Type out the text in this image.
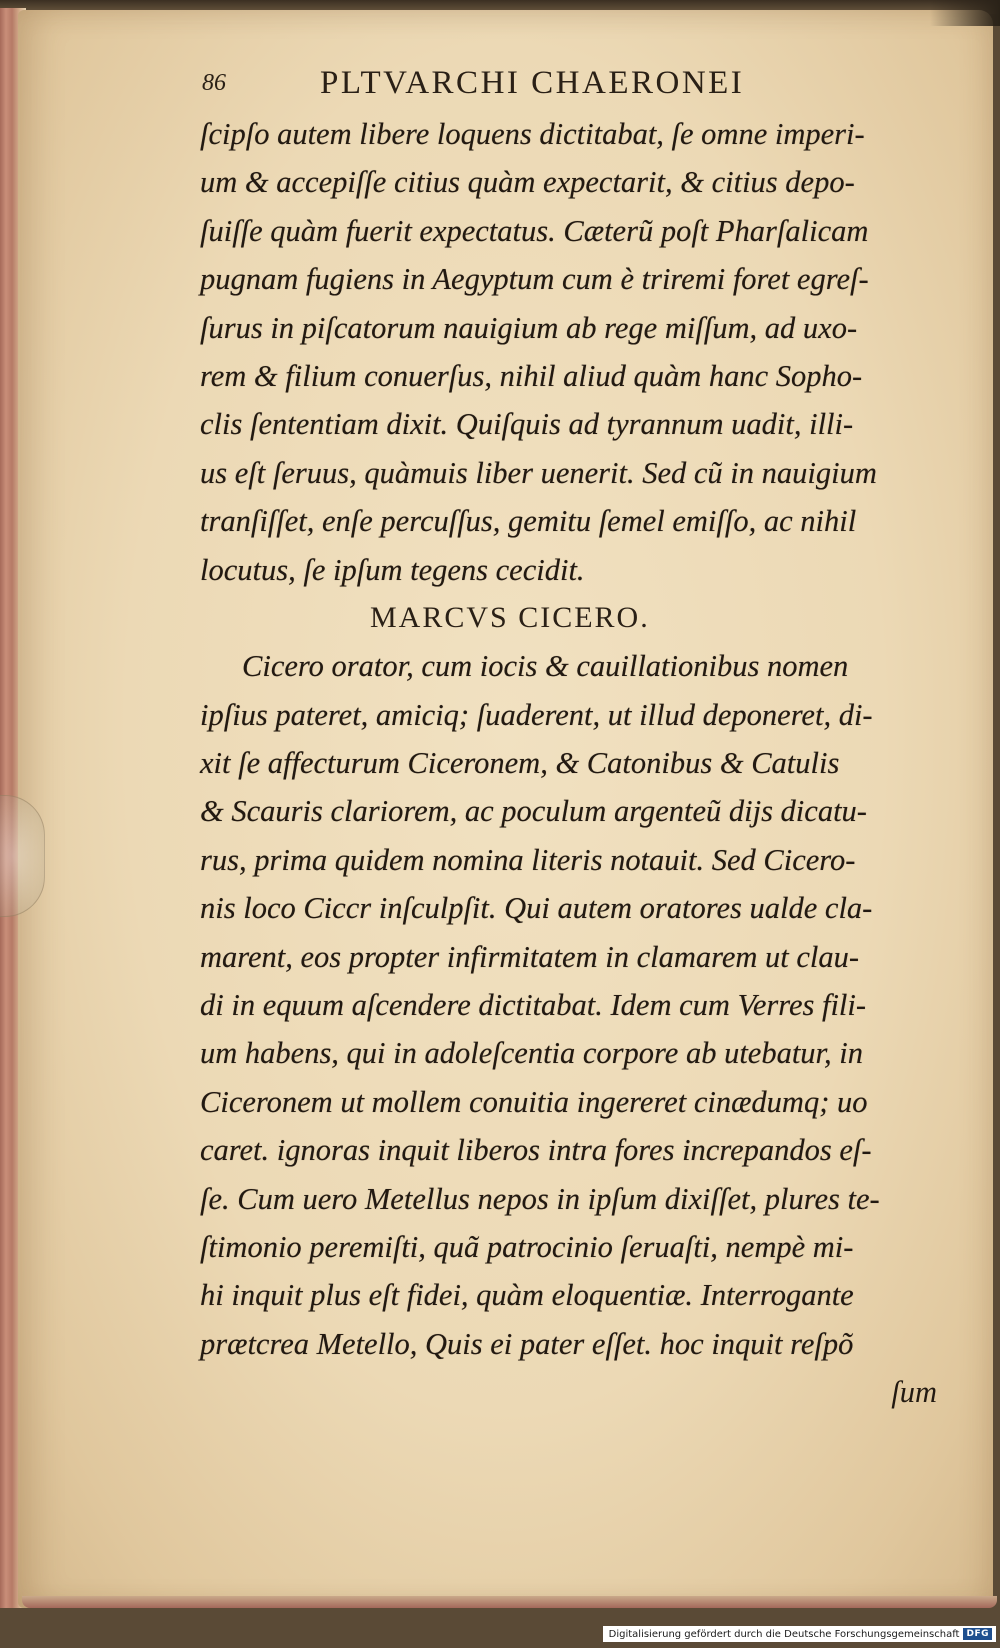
86	PLTVARCHI CHAERONEI
ſcipſo autem libere loquens dictitabat, ſe omne imperi-
um & accepiſſe citius quàm expectarit, & citius depo-
ſuiſſe quàm fuerit expectatus. Cæterũ poſt Pharſalicam
pugnam fugiens in Aegyptum cum è triremi foret egreſ-
ſurus in piſcatorum nauigium ab rege miſſum, ad uxo-
rem & filium conuerſus, nihil aliud quàm hanc Sopho-
clis ſententiam dixit. Quiſquis ad tyrannum uadit, illi-
us eſt ſeruus, quàmuis liber uenerit. Sed cũ in nauigium
tranſiſſet, enſe percuſſus, gemitu ſemel emiſſo, ac nihil
locutus, ſe ipſum tegens cecidit.
MARCVS CICERO.
Cicero orator, cum iocis & cauillationibus nomen
ipſius pateret, amiciq; ſuaderent, ut illud deponeret, di-
xit ſe affecturum Ciceronem, & Catonibus & Catulis
& Scauris clariorem, ac poculum argenteũ dijs dicatu-
rus, prima quidem nomina literis notauit. Sed Cicero-
nis loco Ciccr inſculpſit. Qui autem oratores ualde cla-
marent, eos propter infirmitatem in clamarem ut clau-
di in equum aſcendere dictitabat. Idem cum Verres fili-
um habens, qui in adoleſcentia corpore ab utebatur, in
Ciceronem ut mollem conuitia ingereret cinædumq; uo
caret. ignoras inquit liberos intra fores increpandos eſ-
ſe. Cum uero Metellus nepos in ipſum dixiſſet, plures te-
ſtimonio peremiſti, quã patrocinio ſeruaſti, nempè mi-
hi inquit plus eſt fidei, quàm eloquentiæ. Interrogante
prætcrea Metello, Quis ei pater eſſet. hoc inquit reſpõ
ſum
Digitalisierung gefördert durch die Deutsche Forschungsgemeinschaft DFG
